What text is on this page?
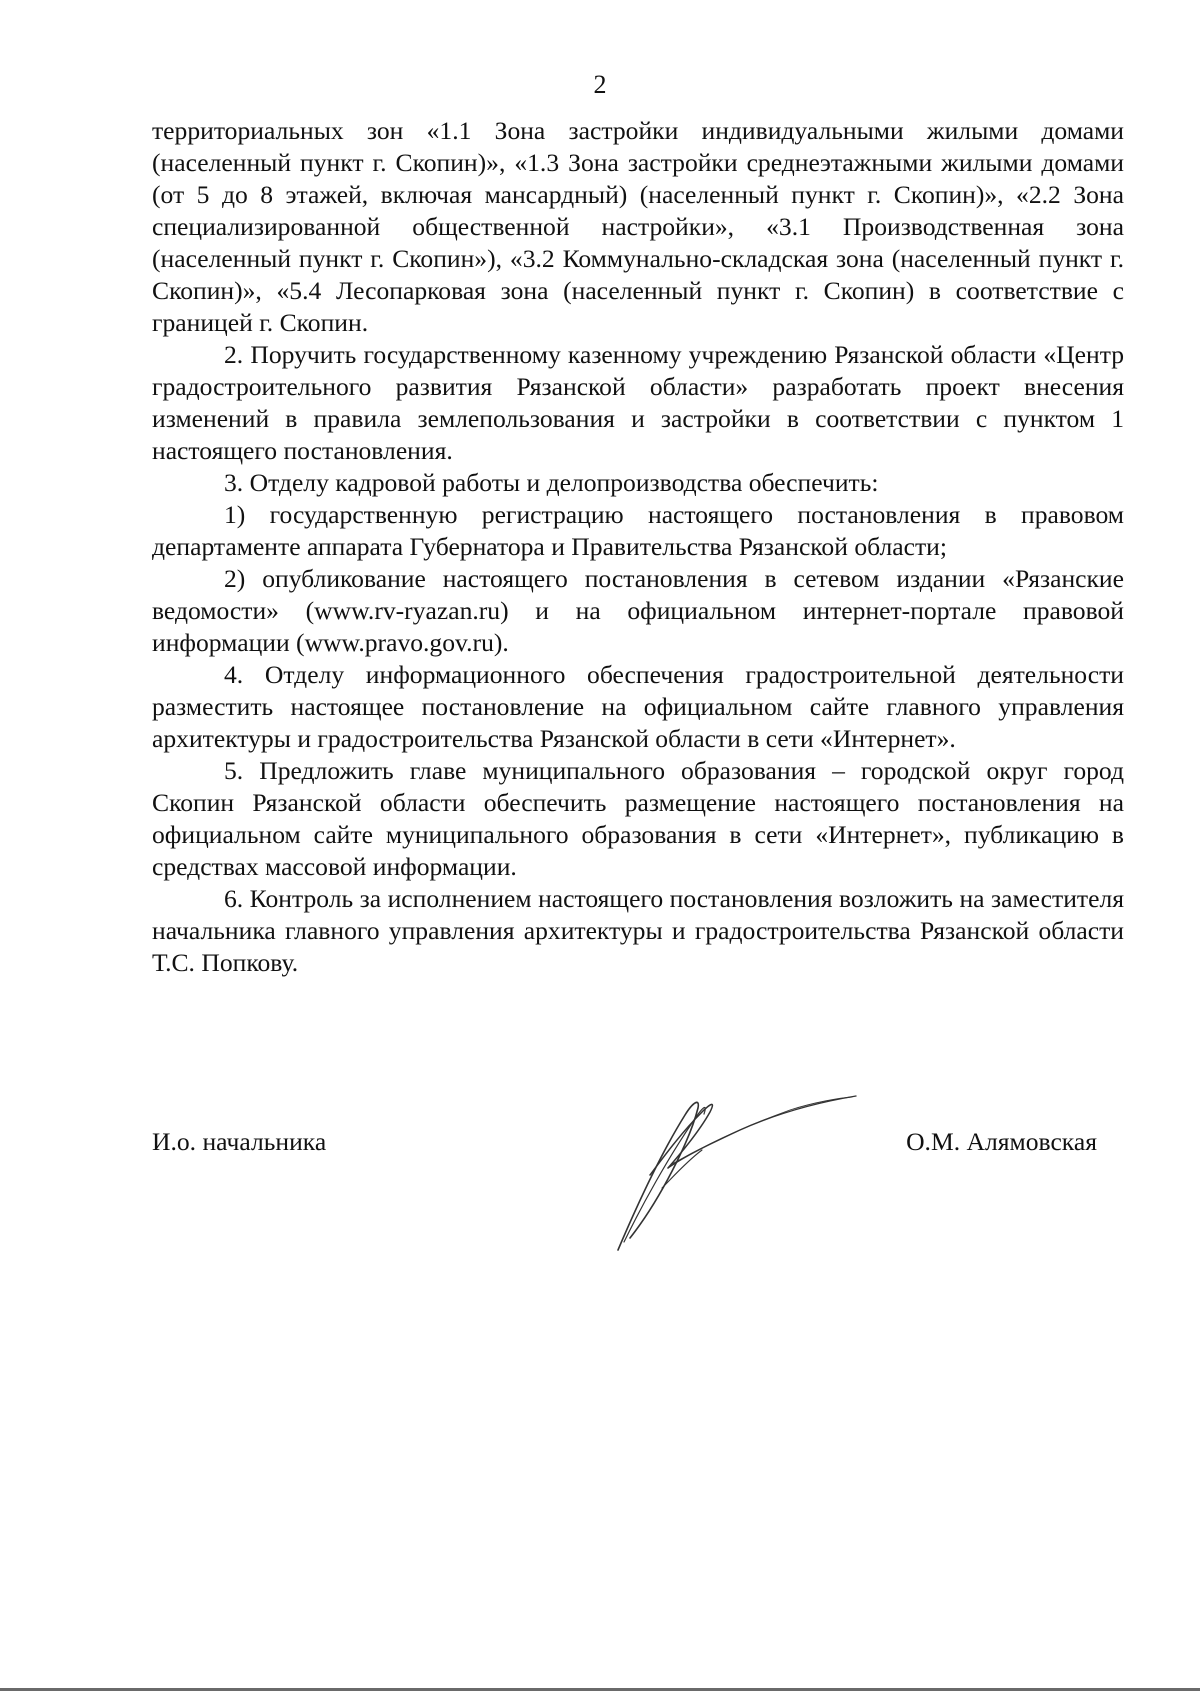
2

территориальных зон «1.1 Зона застройки индивидуальными жилыми домами (населенный пункт г. Скопин)», «1.3 Зона застройки среднеэтажными жилыми домами (от 5 до 8 этажей, включая мансардный) (населенный пункт г. Скопин)», «2.2 Зона специализированной общественной настройки», «3.1 Производственная зона (населенный пункт г. Скопин»), «3.2 Коммунально-складская зона (населенный пункт г. Скопин)», «5.4 Лесопарковая зона (населенный пункт г. Скопин) в соответствие с границей г. Скопин.

2. Поручить государственному казенному учреждению Рязанской области «Центр градостроительного развития Рязанской области» разработать проект внесения изменений в правила землепользования и застройки в соответствии с пунктом 1 настоящего постановления.

3. Отделу кадровой работы и делопроизводства обеспечить:

1) государственную регистрацию настоящего постановления в правовом департаменте аппарата Губернатора и Правительства Рязанской области;

2) опубликование настоящего постановления в сетевом издании «Рязанские ведомости» (www.rv-ryazan.ru) и на официальном интернет-портале правовой информации (www.pravo.gov.ru).

4. Отделу информационного обеспечения градостроительной деятельности разместить настоящее постановление на официальном сайте главного управления архитектуры и градостроительства Рязанской области в сети «Интернет».

5. Предложить главе муниципального образования – городской округ город Скопин Рязанской области обеспечить размещение настоящего постановления на официальном сайте муниципального образования в сети «Интернет», публикацию в средствах массовой информации.

6. Контроль за исполнением настоящего постановления возложить на заместителя начальника главного управления архитектуры и градостроительства Рязанской области Т.С. Попкову.

И.о. начальника	О.М. Алямовская
